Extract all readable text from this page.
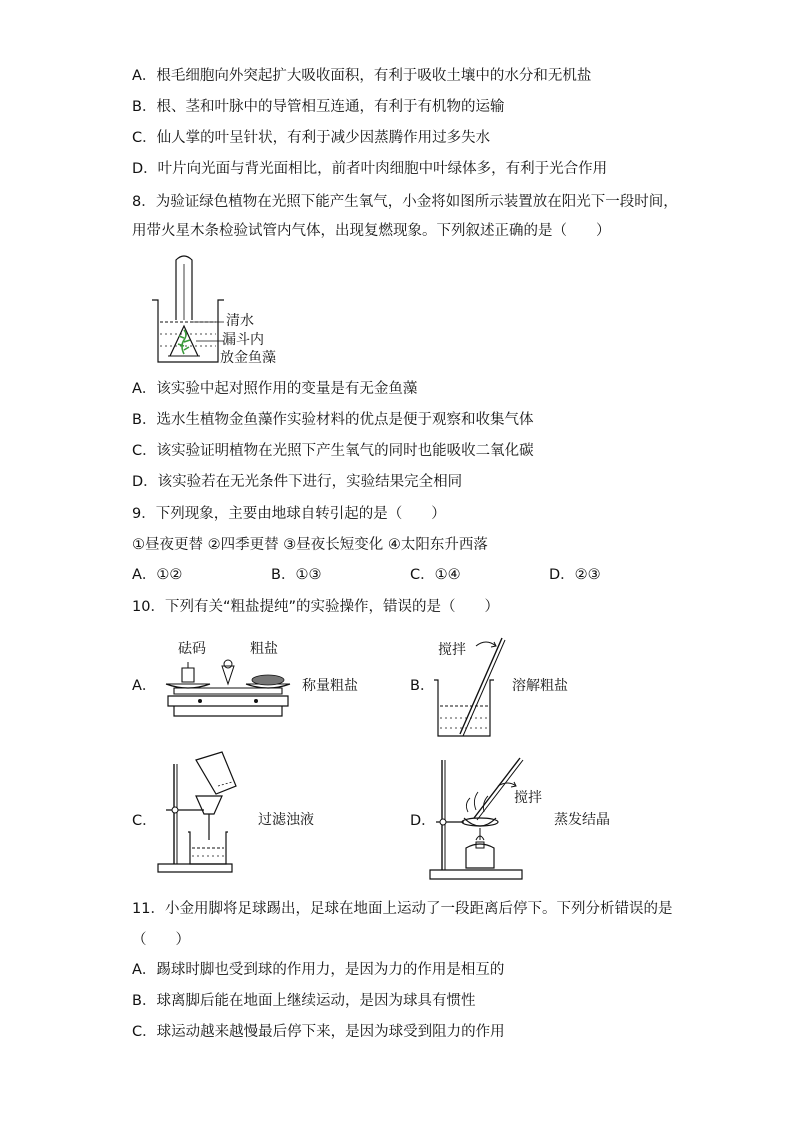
A．根毛细胞向外突起扩大吸收面积，有利于吸收土壤中的水分和无机盐
B．根、茎和叶脉中的导管相互连通，有利于有机物的运输
C．仙人掌的叶呈针状，有利于减少因蒸腾作用过多失水
D．叶片向光面与背光面相比，前者叶肉细胞中叶绿体多，有利于光合作用
8．为验证绿色植物在光照下能产生氧气，小金将如图所示装置放在阳光下一段时间，
用带火星木条检验试管内气体，出现复燃现象。下列叙述正确的是（　　）
清水
漏斗内
放金鱼藻
A．该实验中起对照作用的变量是有无金鱼藻
B．选水生植物金鱼藻作实验材料的优点是便于观察和收集气体
C．该实验证明植物在光照下产生氧气的同时也能吸收二氧化碳
D．该实验若在无光条件下进行，实验结果完全相同
9．下列现象，主要由地球自转引起的是（　　）
①昼夜更替 ②四季更替 ③昼夜长短变化 ④太阳东升西落
A．①②	B．①③	C．①④	D．②③
10．下列有关“粗盐提纯”的实验操作，错误的是（　　）
A．
砝码	粗盐
称量粗盐	B．
搅拌
溶解粗盐
C．	过滤浊液	D．
搅拌
蒸发结晶
11．小金用脚将足球踢出，足球在地面上运动了一段距离后停下。下列分析错误的是
（　　）
A．踢球时脚也受到球的作用力，是因为力的作用是相互的
B．球离脚后能在地面上继续运动，是因为球具有惯性
C．球运动越来越慢最后停下来，是因为球受到阻力的作用
